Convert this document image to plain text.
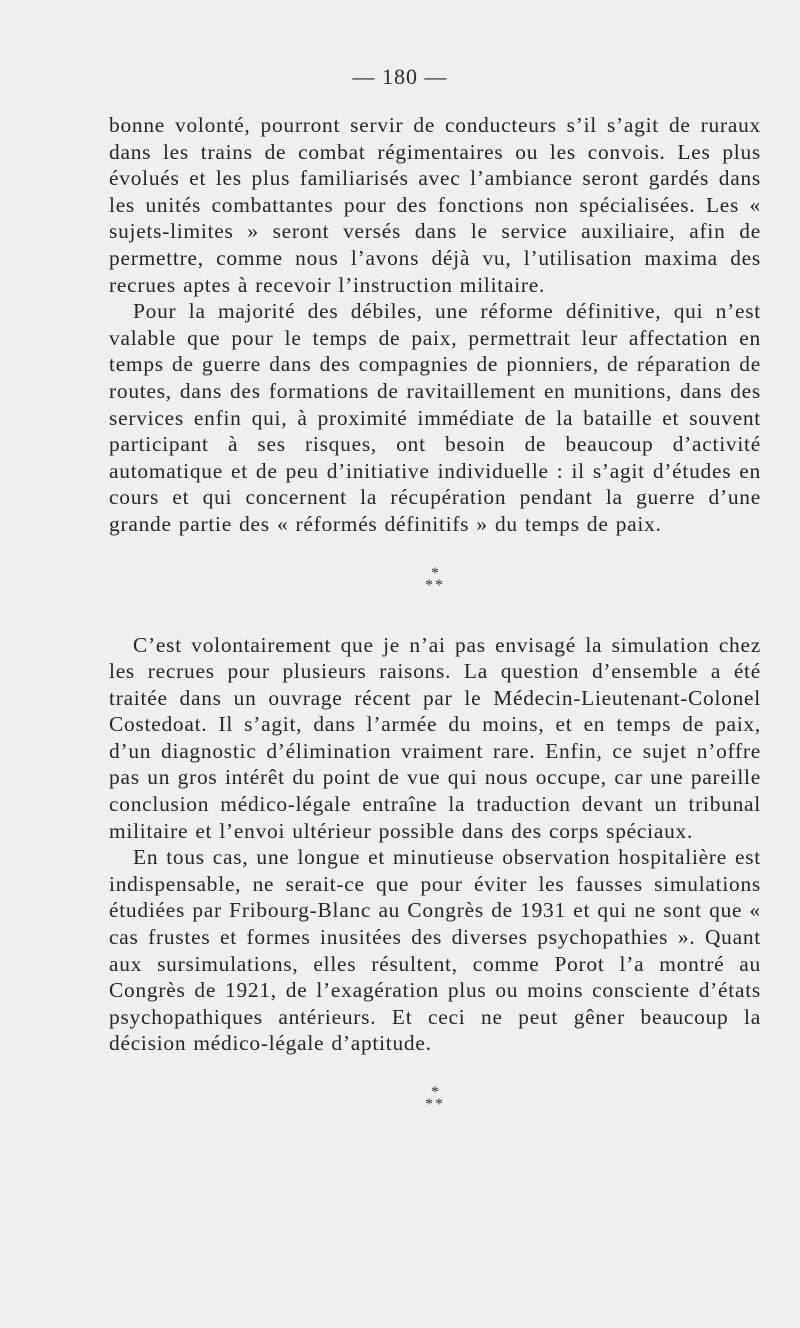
— 180 —

bonne volonté, pourront servir de conducteurs s’il s’agit de ruraux dans les trains de combat régimentaires ou les convois. Les plus évolués et les plus familiarisés avec l’ambiance seront gardés dans les unités combattantes pour des fonctions non spécialisées. Les « sujets-limites » seront versés dans le service auxiliaire, afin de permettre, comme nous l’avons déjà vu, l’utilisation maxima des recrues aptes à recevoir l’instruction militaire.

Pour la majorité des débiles, une réforme définitive, qui n’est valable que pour le temps de paix, permettrait leur affectation en temps de guerre dans des compagnies de pionniers, de réparation de routes, dans des formations de ravitaillement en munitions, dans des services enfin qui, à proximité immédiate de la bataille et souvent participant à ses risques, ont besoin de beaucoup d’activité automatique et de peu d’initiative individuelle : il s’agit d’études en cours et qui concernent la récupération pendant la guerre d’une grande partie des « réformés définitifs » du temps de paix.

*
**

C’est volontairement que je n’ai pas envisagé la simulation chez les recrues pour plusieurs raisons. La question d’ensemble a été traitée dans un ouvrage récent par le Médecin-Lieutenant-Colonel Costedoat. Il s’agit, dans l’armée du moins, et en temps de paix, d’un diagnostic d’élimination vraiment rare. Enfin, ce sujet n’offre pas un gros intérêt du point de vue qui nous occupe, car une pareille conclusion médico-légale entraîne la traduction devant un tribunal militaire et l’envoi ultérieur possible dans des corps spéciaux.

En tous cas, une longue et minutieuse observation hospitalière est indispensable, ne serait-ce que pour éviter les fausses simulations étudiées par Fribourg-Blanc au Congrès de 1931 et qui ne sont que « cas frustes et formes inusitées des diverses psychopathies ». Quant aux sursimulations, elles résultent, comme Porot l’a montré au Congrès de 1921, de l’exagération plus ou moins consciente d’états psychopathiques antérieurs. Et ceci ne peut gêner beaucoup la décision médico-légale d’aptitude.

*
**
